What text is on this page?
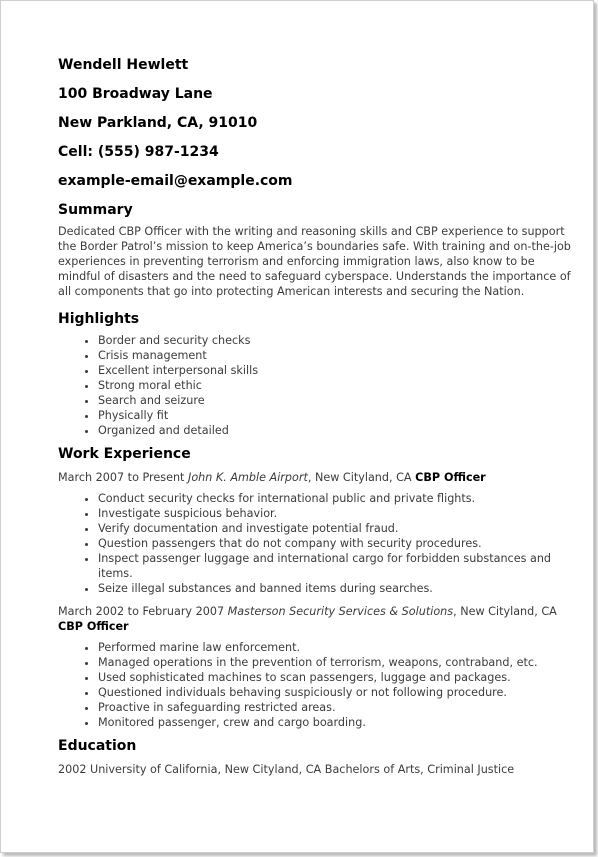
Wendell Hewlett
100 Broadway Lane
New Parkland, CA, 91010
Cell: (555) 987-1234
example-email@example.com
Summary

Dedicated CBP Officer with the writing and reasoning skills and CBP experience to support the Border Patrol’s mission to keep America’s boundaries safe. With training and on-the-job experiences in preventing terrorism and enforcing immigration laws, also know to be mindful of disasters and the need to safeguard cyberspace. Understands the importance of all components that go into protecting American interests and securing the Nation.

Highlights
• Border and security checks
• Crisis management
• Excellent interpersonal skills
• Strong moral ethic
• Search and seizure
• Physically fit
• Organized and detailed
Work Experience
March 2007 to Present John K. Amble Airport, New Cityland, CA CBP Officer
• Conduct security checks for international public and private flights.
• Investigate suspicious behavior.
• Verify documentation and investigate potential fraud.
• Question passengers that do not company with security procedures.
• Inspect passenger luggage and international cargo for forbidden substances and items.
• Seize illegal substances and banned items during searches.
March 2002 to February 2007 Masterson Security Services & Solutions, New Cityland, CA CBP Officer
• Performed marine law enforcement.
• Managed operations in the prevention of terrorism, weapons, contraband, etc.
• Used sophisticated machines to scan passengers, luggage and packages.
• Questioned individuals behaving suspiciously or not following procedure.
• Proactive in safeguarding restricted areas.
• Monitored passenger, crew and cargo boarding.
Education
2002 University of California, New Cityland, CA Bachelors of Arts, Criminal Justice
